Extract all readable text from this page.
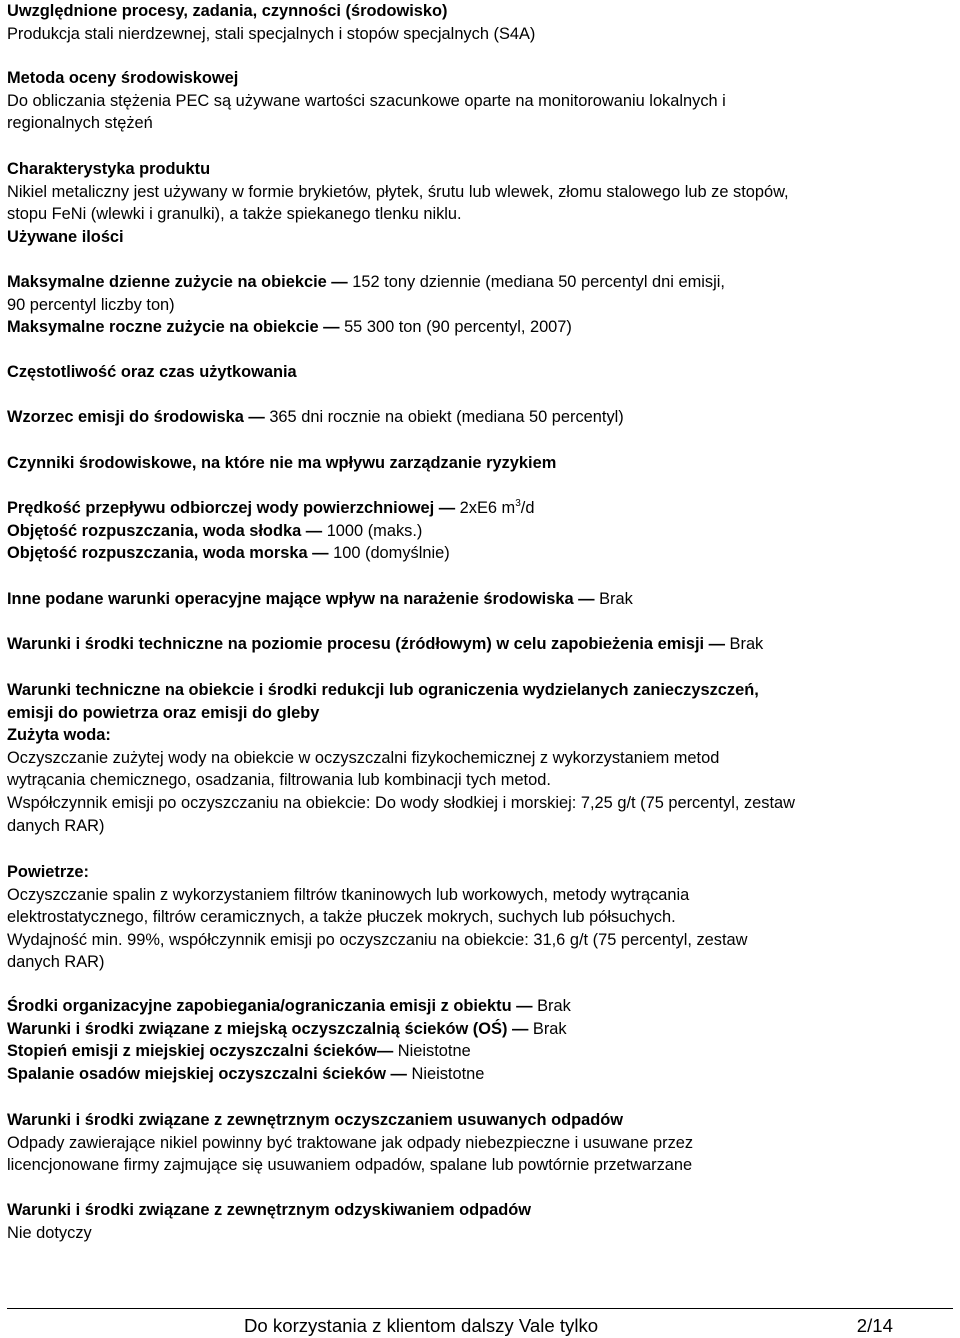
Uwzględnione procesy, zadania, czynności (środowisko)
Produkcja stali nierdzewnej, stali specjalnych i stopów specjalnych (S4A)
Metoda oceny środowiskowej
Do obliczania stężenia PEC są używane wartości szacunkowe oparte na monitorowaniu lokalnych i
regionalnych stężeń
Charakterystyka produktu
Nikiel metaliczny jest używany w formie brykietów, płytek, śrutu lub wlewek, złomu stalowego lub ze stopów,
stopu FeNi (wlewki i granulki), a także spiekanego tlenku niklu.
Używane ilości
Maksymalne dzienne zużycie na obiekcie — 152 tony dziennie (mediana 50 percentyl dni emisji,
90 percentyl liczby ton)
Maksymalne roczne zużycie na obiekcie — 55 300 ton (90 percentyl, 2007)
Częstotliwość oraz czas użytkowania
Wzorzec emisji do środowiska — 365 dni rocznie na obiekt (mediana 50 percentyl)
Czynniki środowiskowe, na które nie ma wpływu zarządzanie ryzykiem
Prędkość przepływu odbiorczej wody powierzchniowej — 2xE6 $m^3/d$
Objętość rozpuszczania, woda słodka — 1000 (maks.)
Objętość rozpuszczania, woda morska — 100 (domyślnie)
Inne podane warunki operacyjne mające wpływ na narażenie środowiska — Brak
Warunki i środki techniczne na poziomie procesu (źródłowym) w celu zapobieżenia emisji — Brak
Warunki techniczne na obiekcie i środki redukcji lub ograniczenia wydzielanych zanieczyszczeń,
emisji do powietrza oraz emisji do gleby
Zużyta woda:
Oczyszczanie zużytej wody na obiekcie w oczyszczalni fizykochemicznej z wykorzystaniem metod
wytrącania chemicznego, osadzania, filtrowania lub kombinacji tych metod.
Współczynnik emisji po oczyszczaniu na obiekcie: Do wody słodkiej i morskiej: 7,25 g/t (75 percentyl, zestaw
danych RAR)
Powietrze:
Oczyszczanie spalin z wykorzystaniem filtrów tkaninowych lub workowych, metody wytrącania
elektrostatycznego, filtrów ceramicznych, a także płuczek mokrych, suchych lub półsuchych.
Wydajność min. 99%, współczynnik emisji po oczyszczaniu na obiekcie: 31,6 g/t (75 percentyl, zestaw
danych RAR)
Środki organizacyjne zapobiegania/ograniczania emisji z obiektu — Brak
Warunki i środki związane z miejską oczyszczalnią ścieków (OŚ) — Brak
Stopień emisji z miejskiej oczyszczalni ścieków— Nieistotne
Spalanie osadów miejskiej oczyszczalni ścieków — Nieistotne
Warunki i środki związane z zewnętrznym oczyszczaniem usuwanych odpadów
Odpady zawierające nikiel powinny być traktowane jak odpady niebezpieczne i usuwane przez
licencjonowane firmy zajmujące się usuwaniem odpadów, spalane lub powtórnie przetwarzane
Warunki i środki związane z zewnętrznym odzyskiwaniem odpadów
Nie dotyczy
Do korzystania z klientom dalszy Vale tylko	2/14
